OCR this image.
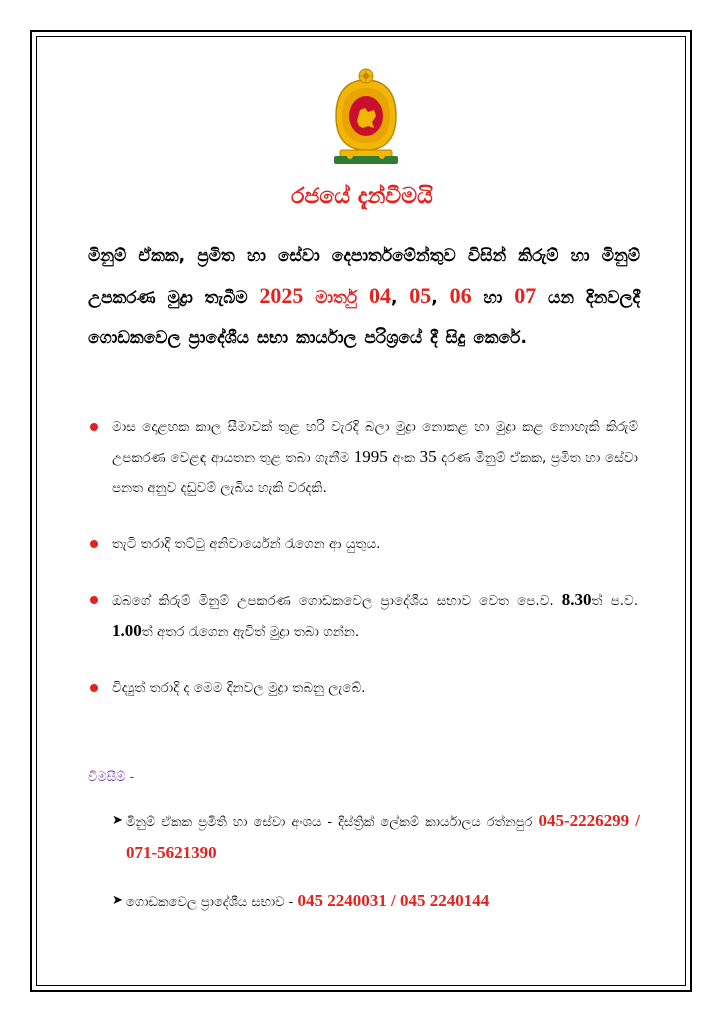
රජයේ දැන්වීමයි
මිනුම් ඒකක, ප්‍රමිත හා සේවා දෙපාර්තමේන්තුව විසින් කිරුම් හා මිනුම් උපකරණ මුද්‍රා තැබීම 2025 මාර්තු 04, 05, 06 හා 07 යන දිනවලදී ගොඩකවෙල ප්‍රාදේශීය සභා කාර්යාල පරිශ්‍රයේ දී සිදු කෙරේ.
මාස දොළහක කාල සීමාවක් තුළ හරි වැරදි බලා මුද්‍රා නොකළ හා මුද්‍රා කළ නොහැකි කිරුම් උපකරණ වෙළඳ ආයතන තුළ තබා ගැනීම 1995 අංක 35 දරණ මිනුම් ඒකක, ප්‍රමිත හා සේවා පනත අනුව දඩුවම් ලැබිය හැකි වරදකි.
තැටි තරාදි තට්ටු අනිවාර්යෙන් රැගෙන ආ යුතුය.
ඔබගේ කිරුම් මිනුම් උපකරණ ගොඩකවෙල ප්‍රාදේශීය සභාව වෙත පෙ.ව. 8.30ත් ප.ව. 1.00ත් අතර රැගෙන ඇවිත් මුද්‍රා තබා ගන්න.
විද්‍යුත් තරාදි ද මෙම දිනවල මුද්‍රා තබනු ලැබේ.
විමසීම් -
➤ මිනුම් ඒකක ප්‍රමිති හා සේවා අංශය - දිස්ත්‍රික් ලේකම් කාර්යාලය රත්නපුර 045-2226299 / 071-5621390
➤ ගොඩකවෙල ප්‍රාදේශීය සභාව - 045 2240031 / 045 2240144
